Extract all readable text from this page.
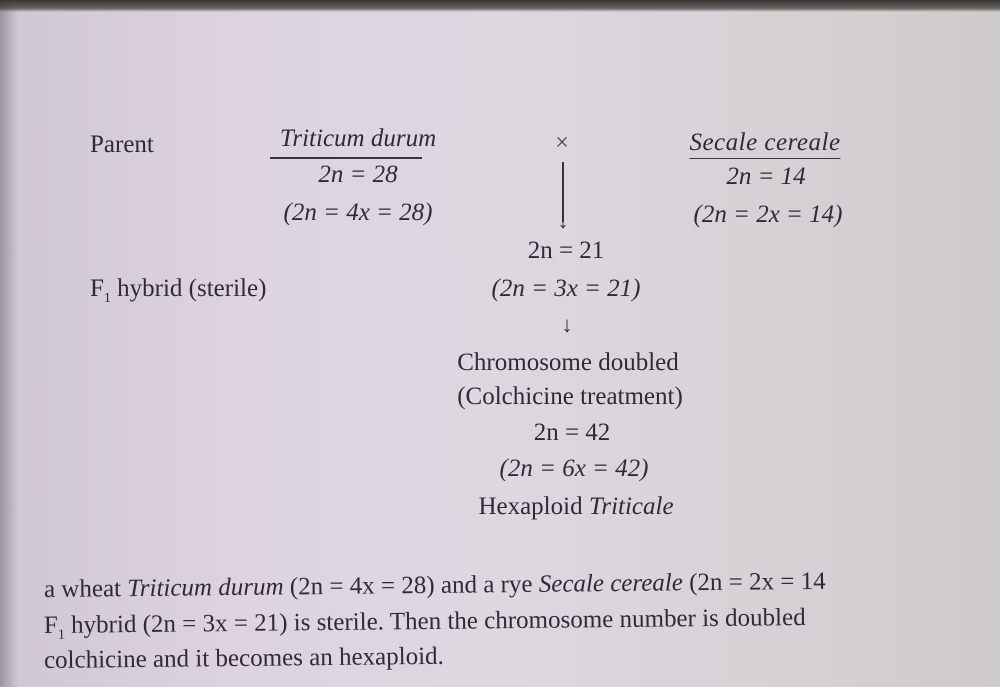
Parent
$F_1$ hybrid (sterile)
Triticum durum
2n = 28
(2n = 4x = 28)
×
↓
Secale cereale
2n = 14
(2n = 2x = 14)
2n = 21
(2n = 3x = 21)
↓
Chromosome doubled
(Colchicine treatment)
2n = 42
(2n = 6x = 42)
Hexaploid Triticale
a wheat Triticum durum (2n = 4x = 28) and a rye Secale cereale (2n = 2x = 14
$F_1$ hybrid (2n = 3x = 21) is sterile. Then the chromosome number is doubled
colchicine and it becomes an hexaploid.
